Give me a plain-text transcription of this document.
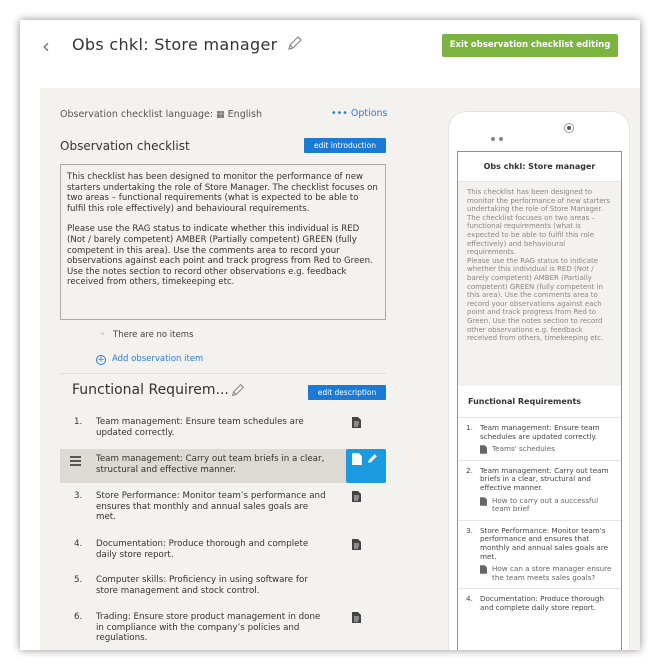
‹ Obs chkl: Store manager	Exit observation checklist editing
Observation checklist language: ▦ English	••• Options
Observation checklist	edit introduction

This checklist has been designed to monitor the performance of new starters undertaking the role of Store Manager. The checklist focuses on two areas – functional requirements (what is expected to be able to fulfil this role effectively) and behavioural requirements.

Please use the RAG status to indicate whether this individual is RED (Not / barely competent) AMBER (Partially competent) GREEN (fully competent in this area). Use the comments area to record your observations against each point and track progress from Red to Green. Use the notes section to record other observations e.g. feedback received from others, timekeeping etc.

◦ There are no items
+ Add observation item
Functional Requirem...	edit description
1. Team management: Ensure team schedules are updated correctly.
Team management: Carry out team briefs in a clear, structural and effective manner.
3. Store Performance: Monitor team’s performance and ensures that monthly and annual sales goals are met.
4. Documentation: Produce thorough and complete daily store report.
5. Computer skills: Proficiency in using software for store management and stock control.
6. Trading: Ensure store product management in done in compliance with the company’s policies and regulations.
Obs chkl: Store manager
This checklist has been designed to monitor the performance of new starters undertaking the role of Store Manager. The checklist focuses on two areas – functional requirements (what is expected to be able to fulfil this role effectively) and behavioural requirements.
Please use the RAG status to indicate whether this individual is RED (Not / barely competent) AMBER (Partially competent) GREEN (fully competent in this area). Use the comments area to record your observations against each point and track progress from Red to Green. Use the notes section to record other observations e.g. feedback received from others, timekeeping etc.
Functional Requirements
1. Team management: Ensure team schedules are updated correctly.
Teams' schedules
2. Team management: Carry out team briefs in a clear, structural and effective manner.
How to carry out a successful team brief
3. Store Performance: Monitor team's performance and ensures that monthly and annual sales goals are met.
How can a store manager ensure the team meets sales goals?
4. Documentation: Produce thorough and complete daily store report.
